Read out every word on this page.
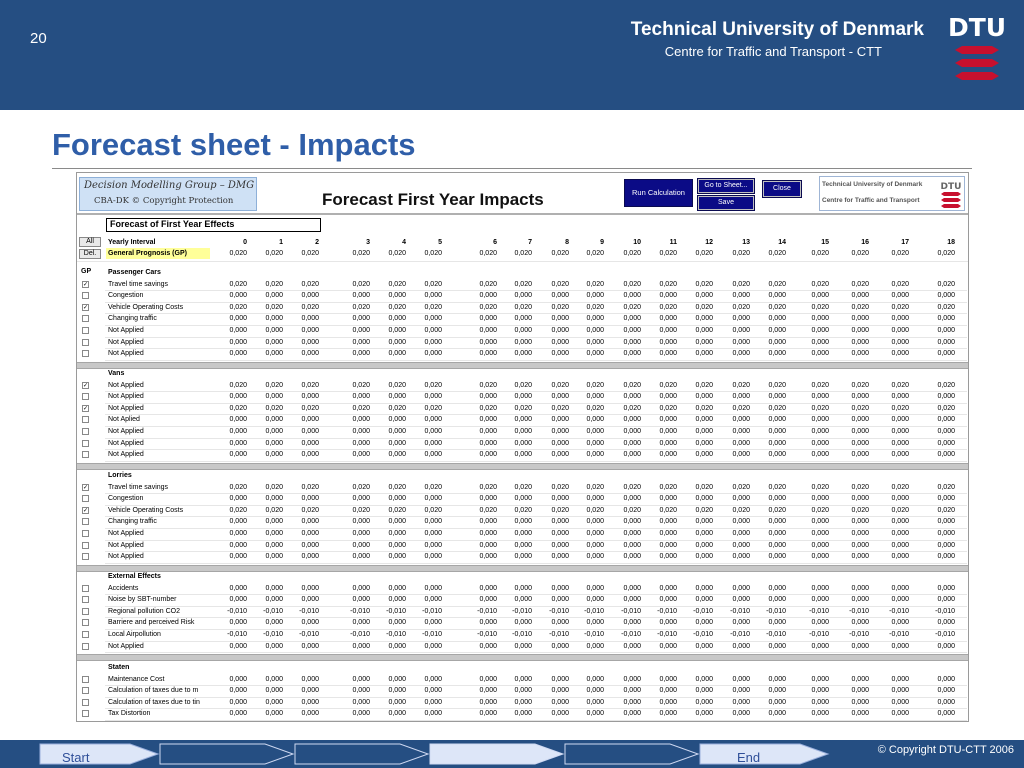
20	Technical University of Denmark
Centre for Traffic and Transport - CTT
DTU
Forecast sheet - Impacts
Decision Modelling Group – DMG
CBA-DK © Copyright Protection	Forecast First Year Impacts	Run Calculation
Go to Sheet...
Save
Close
Technical University of Denmark
Centre for Traffic and Transport
DTU
Forecast of First Year Effects
All
Del.
Yearly Interval
General Prognosis (GP)
GP
0	1	2	3	4	5	6	7	8	9	10	11	12	13	14	15	16	17	18
0,020	0,020	0,020	0,020	0,020	0,020	0,020	0,020	0,020	0,020	0,020	0,020	0,020	0,020	0,020	0,020	0,020	0,020	0,020
Passenger Cars
✓	Travel time savings	0,020	0,020	0,020	0,020	0,020	0,020	0,020	0,020	0,020	0,020	0,020	0,020	0,020	0,020	0,020	0,020	0,020	0,020	0,020
Congestion	0,000	0,000	0,000	0,000	0,000	0,000	0,000	0,000	0,000	0,000	0,000	0,000	0,000	0,000	0,000	0,000	0,000	0,000	0,000
✓	Vehicle Operating Costs	0,020	0,020	0,020	0,020	0,020	0,020	0,020	0,020	0,020	0,020	0,020	0,020	0,020	0,020	0,020	0,020	0,020	0,020	0,020
Changing traffic	0,000	0,000	0,000	0,000	0,000	0,000	0,000	0,000	0,000	0,000	0,000	0,000	0,000	0,000	0,000	0,000	0,000	0,000	0,000
Not Applied	0,000	0,000	0,000	0,000	0,000	0,000	0,000	0,000	0,000	0,000	0,000	0,000	0,000	0,000	0,000	0,000	0,000	0,000	0,000
Not Applied	0,000	0,000	0,000	0,000	0,000	0,000	0,000	0,000	0,000	0,000	0,000	0,000	0,000	0,000	0,000	0,000	0,000	0,000	0,000
Not Applied	0,000	0,000	0,000	0,000	0,000	0,000	0,000	0,000	0,000	0,000	0,000	0,000	0,000	0,000	0,000	0,000	0,000	0,000	0,000
Vans
✓	Not Applied	0,020	0,020	0,020	0,020	0,020	0,020	0,020	0,020	0,020	0,020	0,020	0,020	0,020	0,020	0,020	0,020	0,020	0,020	0,020
Not Applied	0,000	0,000	0,000	0,000	0,000	0,000	0,000	0,000	0,000	0,000	0,000	0,000	0,000	0,000	0,000	0,000	0,000	0,000	0,000
✓	Not Applied	0,020	0,020	0,020	0,020	0,020	0,020	0,020	0,020	0,020	0,020	0,020	0,020	0,020	0,020	0,020	0,020	0,020	0,020	0,020
Not Aplied	0,000	0,000	0,000	0,000	0,000	0,000	0,000	0,000	0,000	0,000	0,000	0,000	0,000	0,000	0,000	0,000	0,000	0,000	0,000
Not Applied	0,000	0,000	0,000	0,000	0,000	0,000	0,000	0,000	0,000	0,000	0,000	0,000	0,000	0,000	0,000	0,000	0,000	0,000	0,000
Not Applied	0,000	0,000	0,000	0,000	0,000	0,000	0,000	0,000	0,000	0,000	0,000	0,000	0,000	0,000	0,000	0,000	0,000	0,000	0,000
Not Applied	0,000	0,000	0,000	0,000	0,000	0,000	0,000	0,000	0,000	0,000	0,000	0,000	0,000	0,000	0,000	0,000	0,000	0,000	0,000
Lorries
✓	Travel time savings	0,020	0,020	0,020	0,020	0,020	0,020	0,020	0,020	0,020	0,020	0,020	0,020	0,020	0,020	0,020	0,020	0,020	0,020	0,020
Congestion	0,000	0,000	0,000	0,000	0,000	0,000	0,000	0,000	0,000	0,000	0,000	0,000	0,000	0,000	0,000	0,000	0,000	0,000	0,000
✓	Vehicle Operating Costs	0,020	0,020	0,020	0,020	0,020	0,020	0,020	0,020	0,020	0,020	0,020	0,020	0,020	0,020	0,020	0,020	0,020	0,020	0,020
Changing traffic	0,000	0,000	0,000	0,000	0,000	0,000	0,000	0,000	0,000	0,000	0,000	0,000	0,000	0,000	0,000	0,000	0,000	0,000	0,000
Not Applied	0,000	0,000	0,000	0,000	0,000	0,000	0,000	0,000	0,000	0,000	0,000	0,000	0,000	0,000	0,000	0,000	0,000	0,000	0,000
Not Applied	0,000	0,000	0,000	0,000	0,000	0,000	0,000	0,000	0,000	0,000	0,000	0,000	0,000	0,000	0,000	0,000	0,000	0,000	0,000
Not Applied	0,000	0,000	0,000	0,000	0,000	0,000	0,000	0,000	0,000	0,000	0,000	0,000	0,000	0,000	0,000	0,000	0,000	0,000	0,000
External Effects
Accidents	0,000	0,000	0,000	0,000	0,000	0,000	0,000	0,000	0,000	0,000	0,000	0,000	0,000	0,000	0,000	0,000	0,000	0,000	0,000
Noise by SBT-number	0,000	0,000	0,000	0,000	0,000	0,000	0,000	0,000	0,000	0,000	0,000	0,000	0,000	0,000	0,000	0,000	0,000	0,000	0,000
Regional pollution CO2	-0,010	-0,010	-0,010	-0,010	-0,010	-0,010	-0,010	-0,010	-0,010	-0,010	-0,010	-0,010	-0,010	-0,010	-0,010	-0,010	-0,010	-0,010	-0,010
Barriere and perceived Risk	0,000	0,000	0,000	0,000	0,000	0,000	0,000	0,000	0,000	0,000	0,000	0,000	0,000	0,000	0,000	0,000	0,000	0,000	0,000
Local Airpollution	-0,010	-0,010	-0,010	-0,010	-0,010	-0,010	-0,010	-0,010	-0,010	-0,010	-0,010	-0,010	-0,010	-0,010	-0,010	-0,010	-0,010	-0,010	-0,010
Not Applied	0,000	0,000	0,000	0,000	0,000	0,000	0,000	0,000	0,000	0,000	0,000	0,000	0,000	0,000	0,000	0,000	0,000	0,000	0,000
Staten
Maintenance Cost	0,000	0,000	0,000	0,000	0,000	0,000	0,000	0,000	0,000	0,000	0,000	0,000	0,000	0,000	0,000	0,000	0,000	0,000	0,000
Calculation of taxes due to m	0,000	0,000	0,000	0,000	0,000	0,000	0,000	0,000	0,000	0,000	0,000	0,000	0,000	0,000	0,000	0,000	0,000	0,000	0,000
Calculation of taxes due to tin	0,000	0,000	0,000	0,000	0,000	0,000	0,000	0,000	0,000	0,000	0,000	0,000	0,000	0,000	0,000	0,000	0,000	0,000	0,000
Tax Distortion	0,000	0,000	0,000	0,000	0,000	0,000	0,000	0,000	0,000	0,000	0,000	0,000	0,000	0,000	0,000	0,000	0,000	0,000	0,000
Start	End	© Copyright DTU-CTT 2006
